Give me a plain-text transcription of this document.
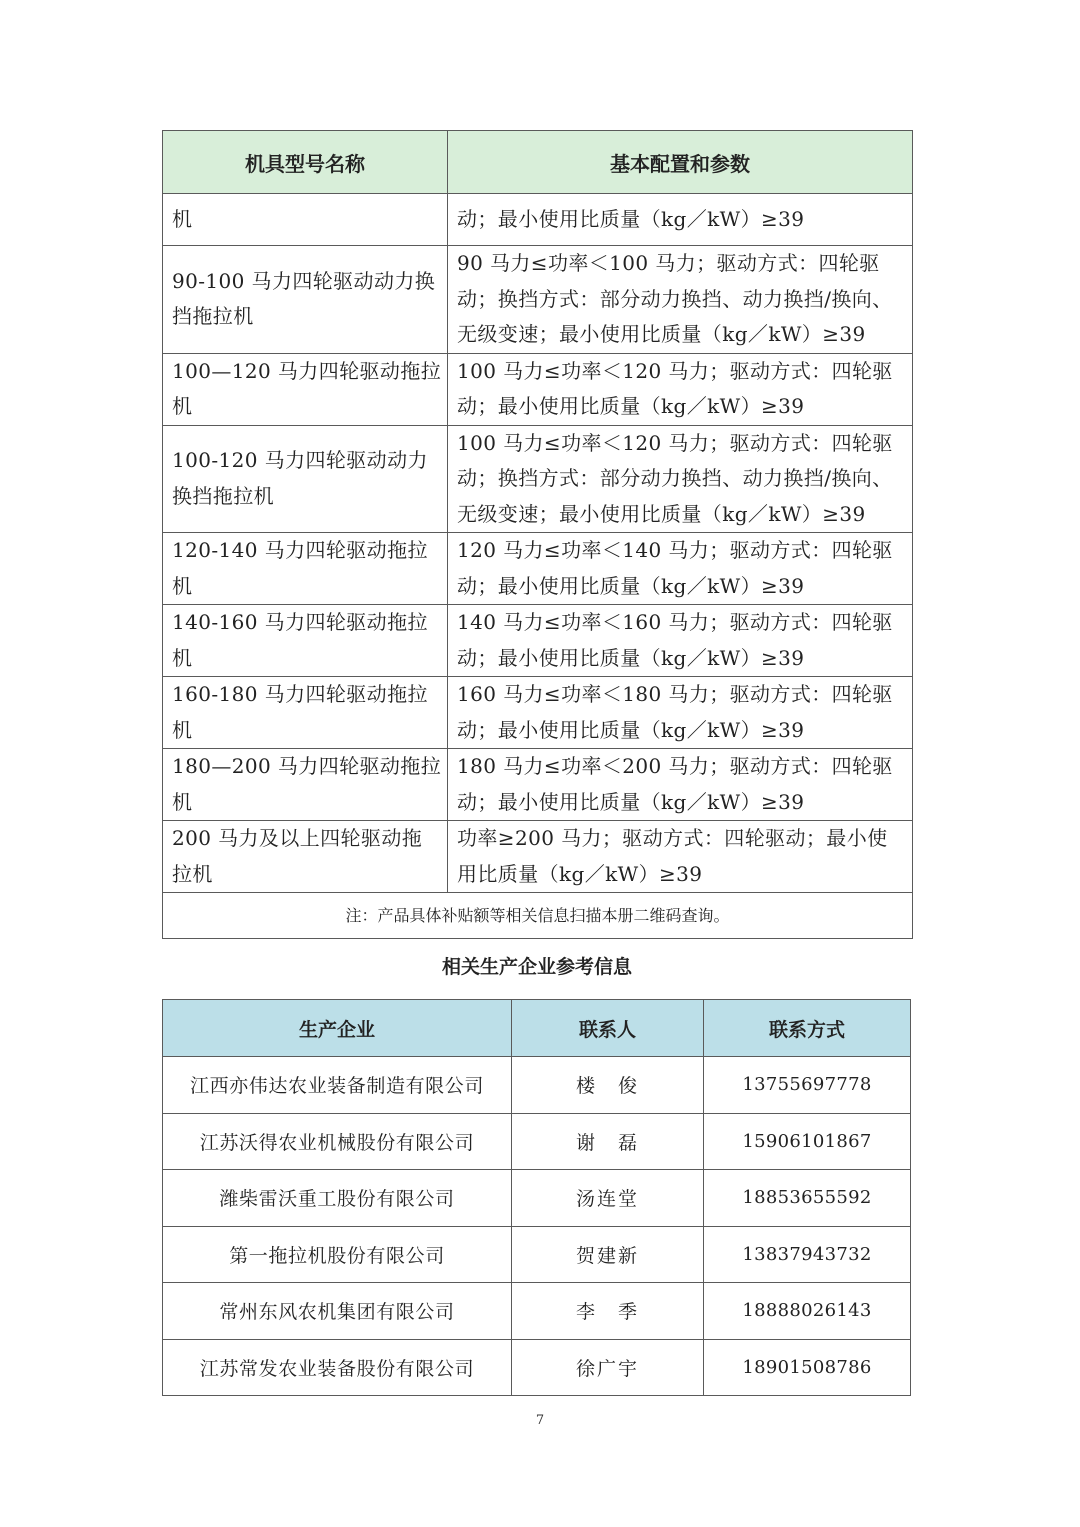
机具型号名称	基本配置和参数

机	动；最小使用比质量（kg／kW）≥39

90-100 马力四轮驱动动力换
挡拖拉机	90 马力≤功率＜100 马力；驱动方式：四轮驱
动；换挡方式：部分动力换挡、动力换挡/换向、
无级变速；最小使用比质量（kg／kW）≥39

100—120 马力四轮驱动拖拉
机	100 马力≤功率＜120 马力；驱动方式：四轮驱
动；最小使用比质量（kg／kW）≥39

100-120 马力四轮驱动动力
换挡拖拉机	100 马力≤功率＜120 马力；驱动方式：四轮驱
动；换挡方式：部分动力换挡、动力换挡/换向、
无级变速；最小使用比质量（kg／kW）≥39

120-140 马力四轮驱动拖拉
机	120 马力≤功率＜140 马力；驱动方式：四轮驱
动；最小使用比质量（kg／kW）≥39

140-160 马力四轮驱动拖拉
机	140 马力≤功率＜160 马力；驱动方式：四轮驱
动；最小使用比质量（kg／kW）≥39

160-180 马力四轮驱动拖拉
机	160 马力≤功率＜180 马力；驱动方式：四轮驱
动；最小使用比质量（kg／kW）≥39

180—200 马力四轮驱动拖拉
机	180 马力≤功率＜200 马力；驱动方式：四轮驱
动；最小使用比质量（kg／kW）≥39

200 马力及以上四轮驱动拖
拉机	功率≥200 马力；驱动方式：四轮驱动；最小使
用比质量（kg／kW）≥39

注：产品具体补贴额等相关信息扫描本册二维码查询。	
相关生产企业参考信息
生产企业	联系人	联系方式
江西亦伟达农业装备制造有限公司	楼　俊	13755697778
江苏沃得农业机械股份有限公司	谢　磊	15906101867
潍柴雷沃重工股份有限公司	汤连堂	18853655592
第一拖拉机股份有限公司	贺建新	13837943732
常州东风农机集团有限公司	李　季	18888026143
江苏常发农业装备股份有限公司	徐广宇	18901508786
7
